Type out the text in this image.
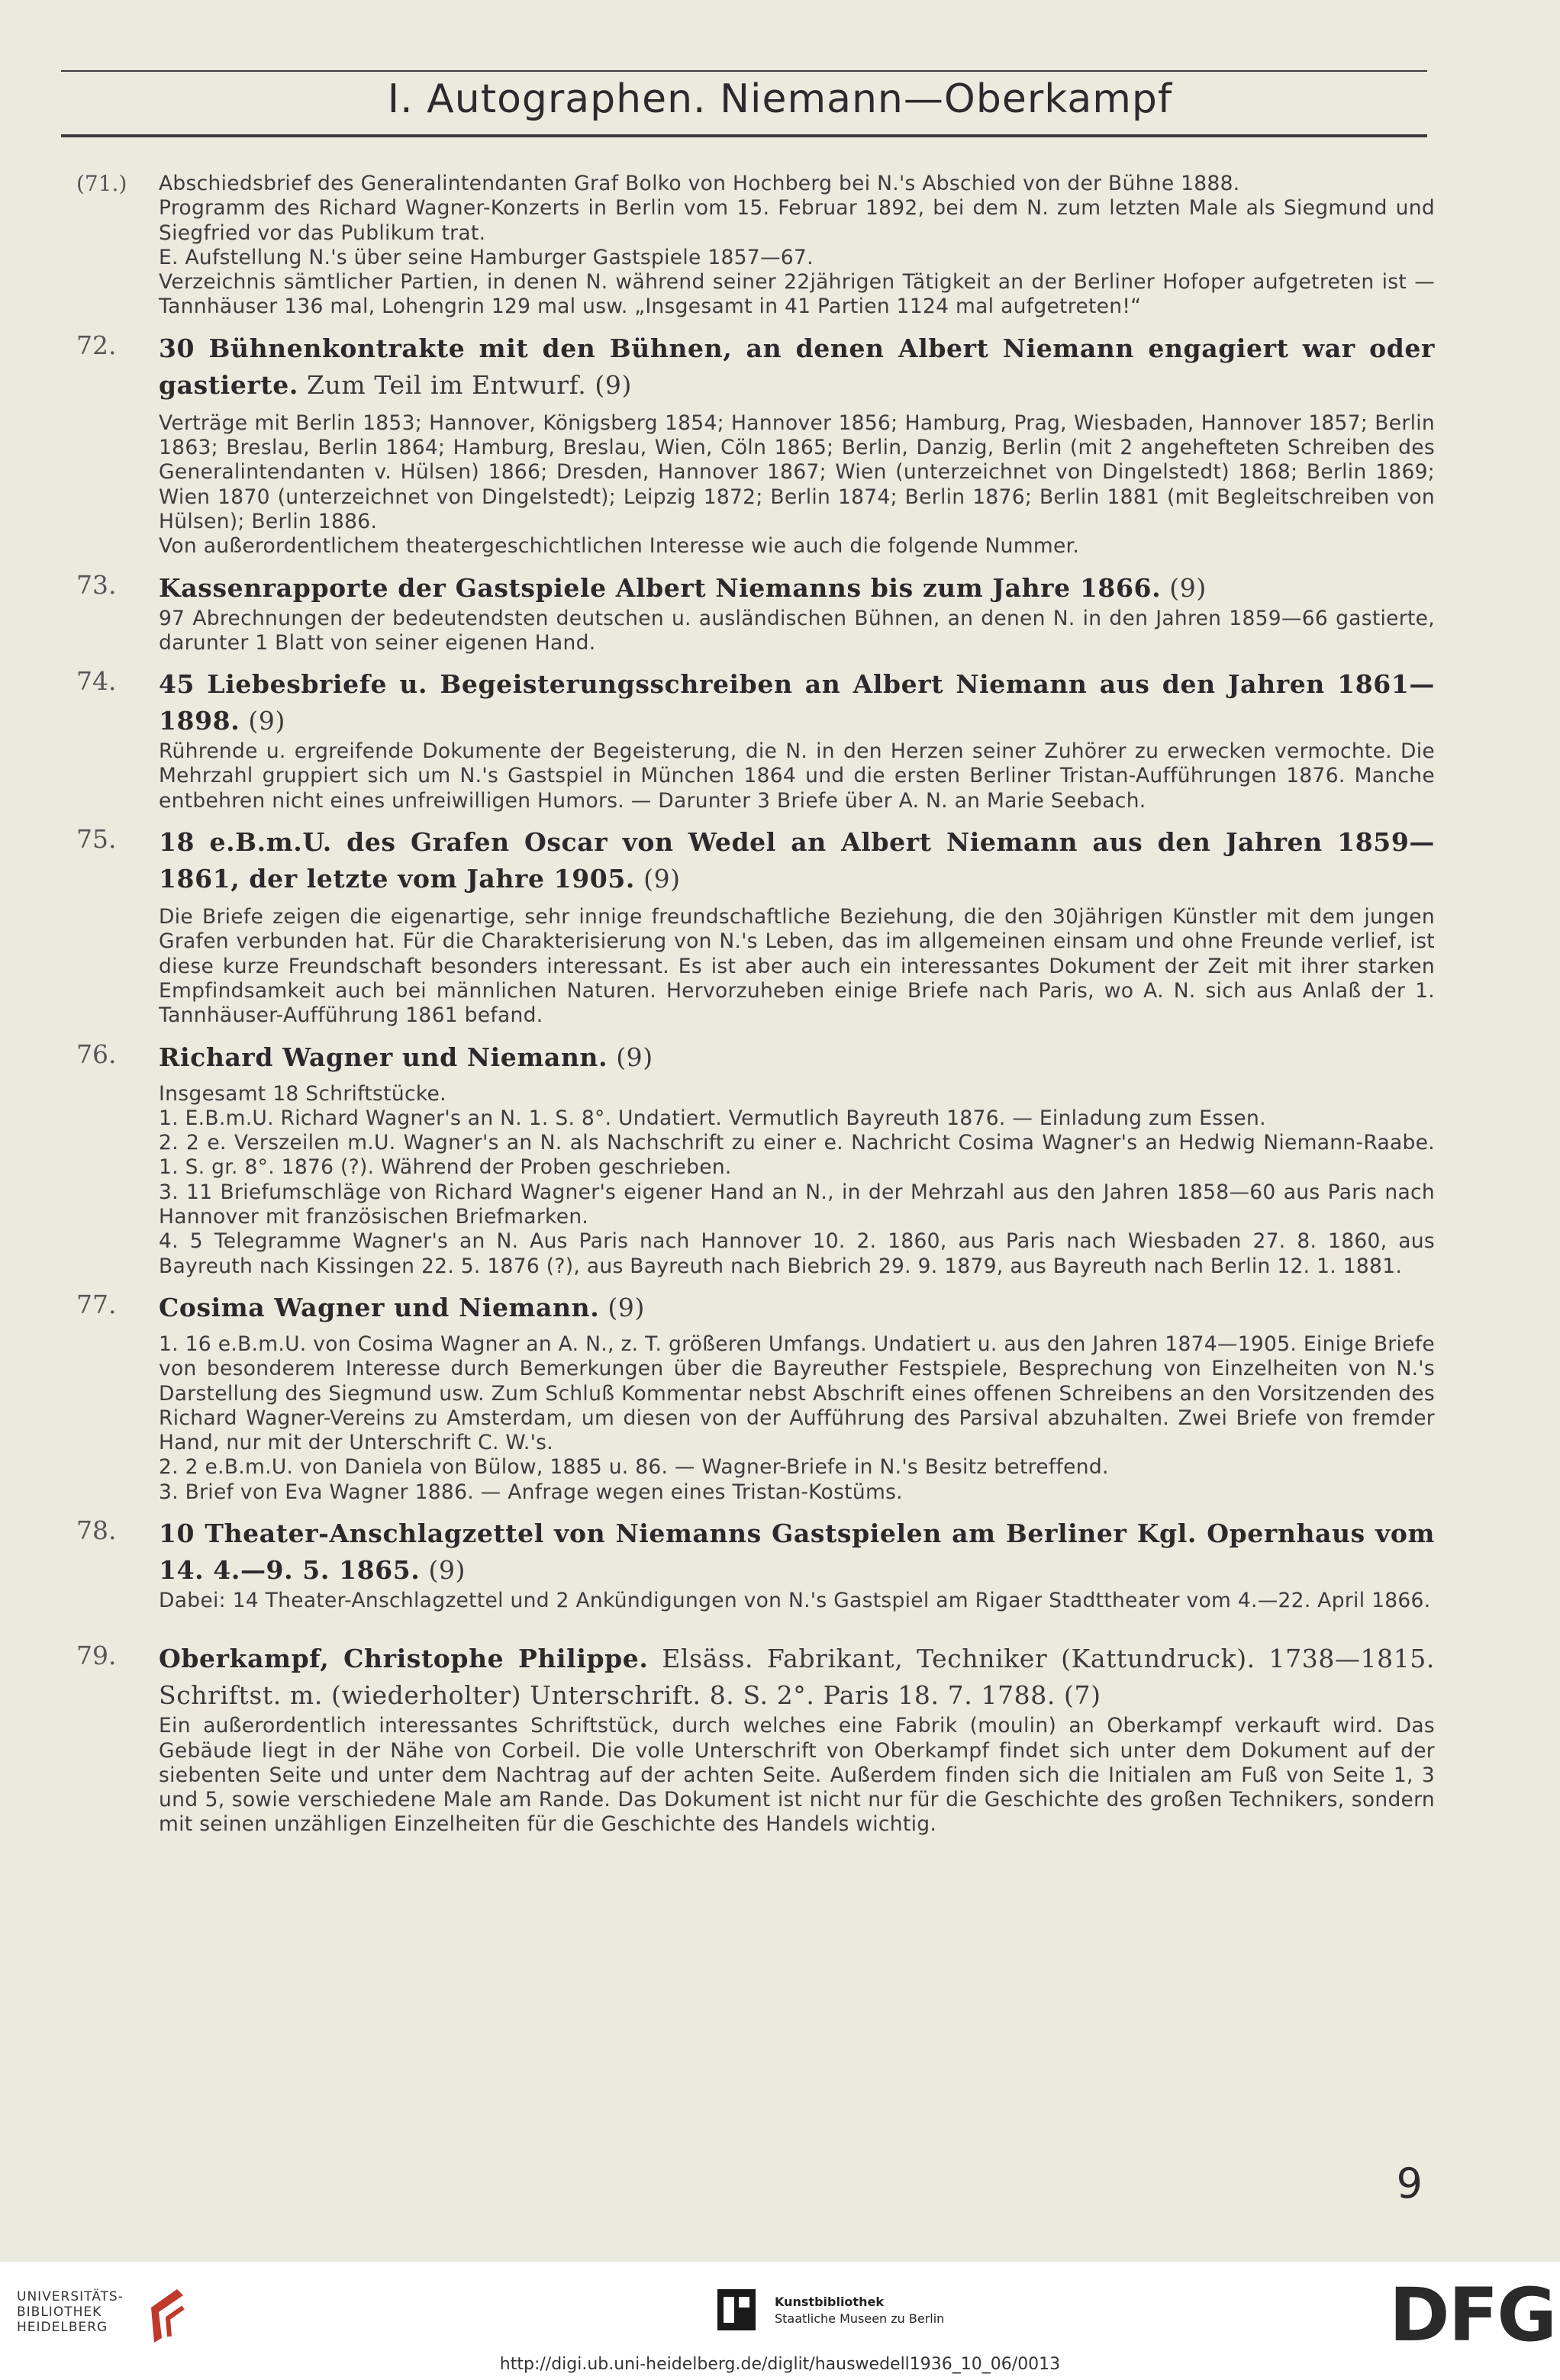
I. Autographen. Niemann—Oberkampf
(71.) Abschiedsbrief des Generalintendanten Graf Bolko von Hochberg bei N.'s Abschied von der Bühne 1888.
Programm des Richard Wagner-Konzerts in Berlin vom 15. Februar 1892, bei dem N. zum letzten Male als Siegmund und Siegfried vor das Publikum trat.
E. Aufstellung N.'s über seine Hamburger Gastspiele 1857—67.
Verzeichnis sämtlicher Partien, in denen N. während seiner 22jährigen Tätigkeit an der Berliner Hofoper aufgetreten ist — Tannhäuser 136 mal, Lohengrin 129 mal usw. „Insgesamt in 41 Partien 1124 mal aufgetreten!“
72. 30 Bühnenkontrakte mit den Bühnen, an denen Albert Niemann engagiert war oder gastierte. Zum Teil im Entwurf. (9)
Verträge mit Berlin 1853; Hannover, Königsberg 1854; Hannover 1856; Hamburg, Prag, Wiesbaden, Hannover 1857; Berlin 1863; Breslau, Berlin 1864; Hamburg, Breslau, Wien, Cöln 1865; Berlin, Danzig, Berlin (mit 2 angehefteten Schreiben des Generalintendanten v. Hülsen) 1866; Dresden, Hannover 1867; Wien (unterzeichnet von Dingelstedt) 1868; Berlin 1869; Wien 1870 (unterzeichnet von Dingelstedt); Leipzig 1872; Berlin 1874; Berlin 1876; Berlin 1881 (mit Begleitschreiben von Hülsen); Berlin 1886.
Von außerordentlichem theatergeschichtlichen Interesse wie auch die folgende Nummer.
73. Kassenrapporte der Gastspiele Albert Niemanns bis zum Jahre 1866. (9)
97 Abrechnungen der bedeutendsten deutschen u. ausländischen Bühnen, an denen N. in den Jahren 1859—66 gastierte, darunter 1 Blatt von seiner eigenen Hand.
74. 45 Liebesbriefe u. Begeisterungsschreiben an Albert Niemann aus den Jahren 1861—1898. (9)
Rührende u. ergreifende Dokumente der Begeisterung, die N. in den Herzen seiner Zuhörer zu erwecken vermochte. Die Mehrzahl gruppiert sich um N.'s Gastspiel in München 1864 und die ersten Berliner Tristan-Aufführungen 1876. Manche entbehren nicht eines unfreiwilligen Humors. — Darunter 3 Briefe über A. N. an Marie Seebach.
75. 18 e.B.m.U. des Grafen Oscar von Wedel an Albert Niemann aus den Jahren 1859—1861, der letzte vom Jahre 1905. (9)
Die Briefe zeigen die eigenartige, sehr innige freundschaftliche Beziehung, die den 30jährigen Künstler mit dem jungen Grafen verbunden hat. Für die Charakterisierung von N.'s Leben, das im allgemeinen einsam und ohne Freunde verlief, ist diese kurze Freundschaft besonders interessant. Es ist aber auch ein interessantes Dokument der Zeit mit ihrer starken Empfindsamkeit auch bei männlichen Naturen. Hervorzuheben einige Briefe nach Paris, wo A. N. sich aus Anlaß der 1. Tannhäuser-Aufführung 1861 befand.
76. Richard Wagner und Niemann. (9)
Insgesamt 18 Schriftstücke.
1. E.B.m.U. Richard Wagner's an N. 1. S. 8°. Undatiert. Vermutlich Bayreuth 1876. — Einladung zum Essen.
2. 2 e. Verszeilen m.U. Wagner's an N. als Nachschrift zu einer e. Nachricht Cosima Wagner's an Hedwig Niemann-Raabe. 1. S. gr. 8°. 1876 (?). Während der Proben geschrieben.
3. 11 Briefumschläge von Richard Wagner's eigener Hand an N., in der Mehrzahl aus den Jahren 1858—60 aus Paris nach Hannover mit französischen Briefmarken.
4. 5 Telegramme Wagner's an N. Aus Paris nach Hannover 10. 2. 1860, aus Paris nach Wiesbaden 27. 8. 1860, aus Bayreuth nach Kissingen 22. 5. 1876 (?), aus Bayreuth nach Biebrich 29. 9. 1879, aus Bayreuth nach Berlin 12. 1. 1881.
77. Cosima Wagner und Niemann. (9)
1. 16 e.B.m.U. von Cosima Wagner an A. N., z. T. größeren Umfangs. Undatiert u. aus den Jahren 1874—1905. Einige Briefe von besonderem Interesse durch Bemerkungen über die Bayreuther Festspiele, Besprechung von Einzelheiten von N.'s Darstellung des Siegmund usw. Zum Schluß Kommentar nebst Abschrift eines offenen Schreibens an den Vorsitzenden des Richard Wagner-Vereins zu Amsterdam, um diesen von der Aufführung des Parsival abzuhalten. Zwei Briefe von fremder Hand, nur mit der Unterschrift C. W.'s.
2. 2 e.B.m.U. von Daniela von Bülow, 1885 u. 86. — Wagner-Briefe in N.'s Besitz betreffend.
3. Brief von Eva Wagner 1886. — Anfrage wegen eines Tristan-Kostüms.
78. 10 Theater-Anschlagzettel von Niemanns Gastspielen am Berliner Kgl. Opernhaus vom 14. 4.—9. 5. 1865. (9)
Dabei: 14 Theater-Anschlagzettel und 2 Ankündigungen von N.'s Gastspiel am Rigaer Stadttheater vom 4.—22. April 1866.
79. Oberkampf, Christophe Philippe. Elsäss. Fabrikant, Techniker (Kattundruck). 1738—1815. Schriftst. m. (wiederholter) Unterschrift. 8. S. 2°. Paris 18. 7. 1788. (7)
Ein außerordentlich interessantes Schriftstück, durch welches eine Fabrik (moulin) an Oberkampf verkauft wird. Das Gebäude liegt in der Nähe von Corbeil. Die volle Unterschrift von Oberkampf findet sich unter dem Dokument auf der siebenten Seite und unter dem Nachtrag auf der achten Seite. Außerdem finden sich die Initialen am Fuß von Seite 1, 3 und 5, sowie verschiedene Male am Rande. Das Dokument ist nicht nur für die Geschichte des großen Technikers, sondern mit seinen unzähligen Einzelheiten für die Geschichte des Handels wichtig.
9
UNIVERSITÄTS-
BIBLIOTHEK
HEIDELBERG
Kunstbibliothek
Staatliche Museen zu Berlin	DFG
http://digi.ub.uni-heidelberg.de/diglit/hauswedell1936_10_06/0013
